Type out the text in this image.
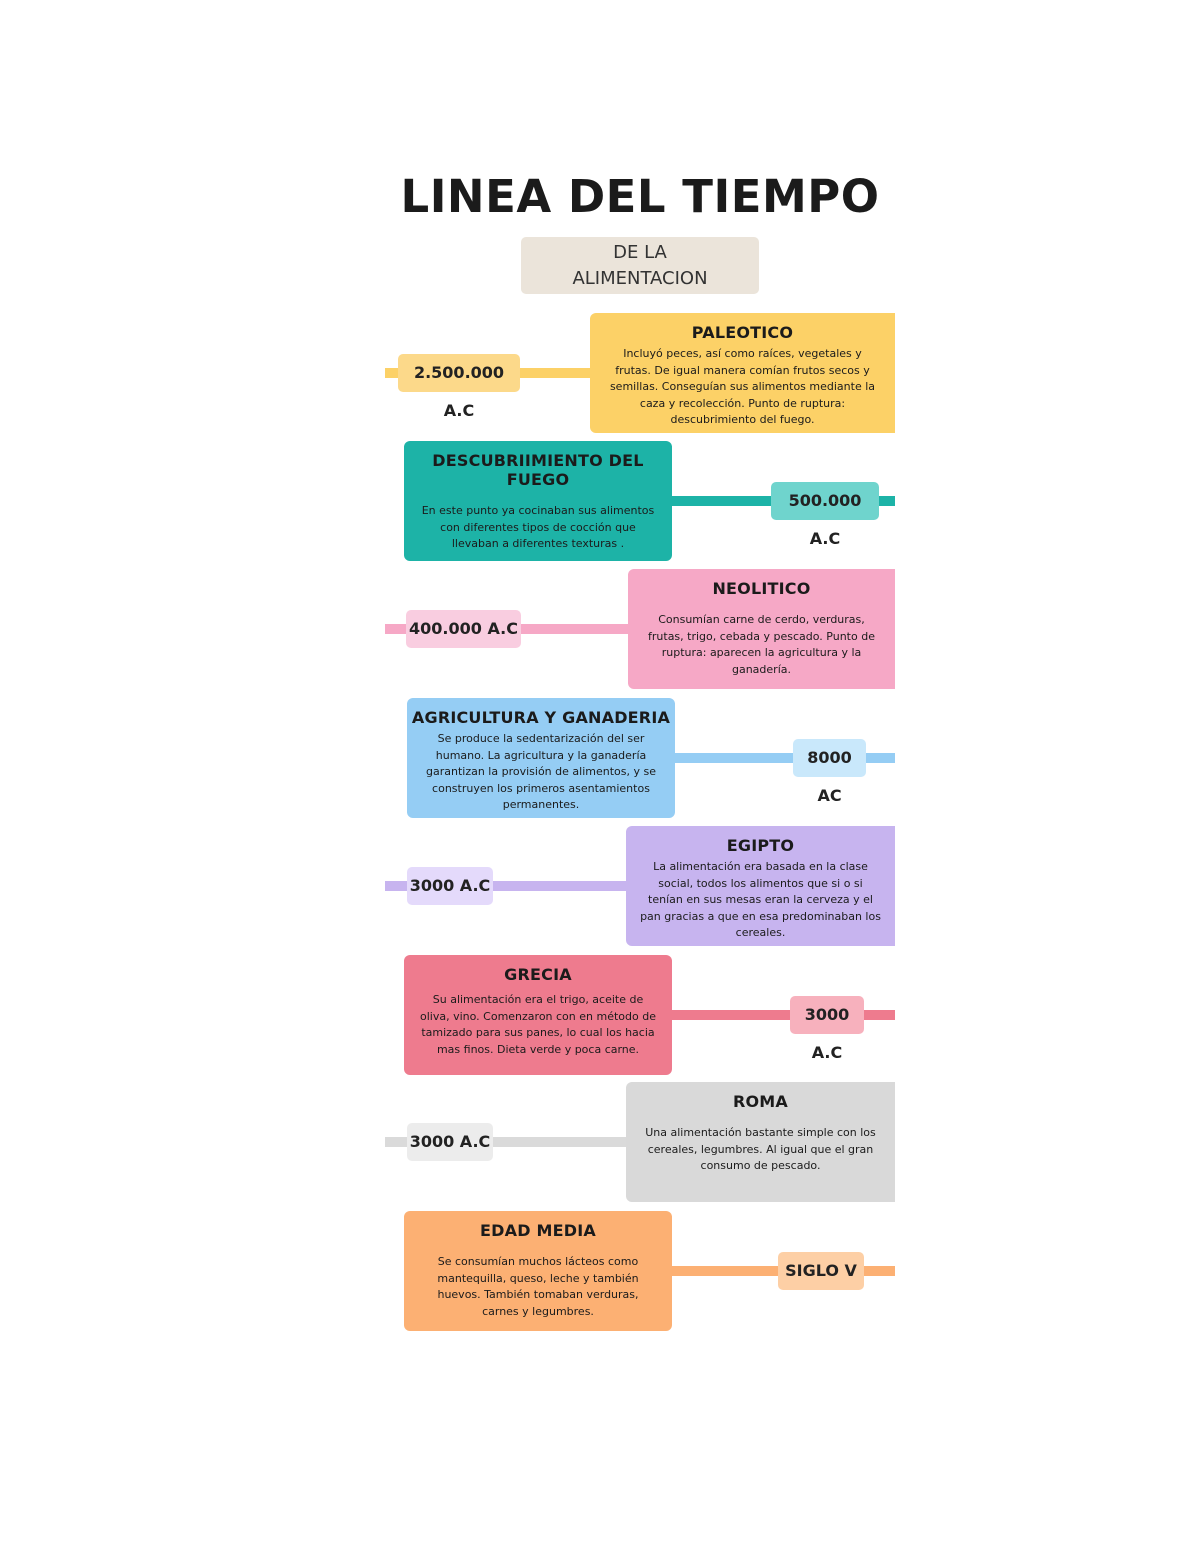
LINEA DEL TIEMPO
DE LA
ALIMENTACION
2.500.000 A.C
PALEOTICO
Incluyó peces, así como raíces, vegetales y frutas. De igual manera comían frutos secos y semillas. Conseguían sus alimentos mediante la caza y recolección. Punto de ruptura: descubrimiento del fuego.
500.000 A.C
DESCUBRIIMIENTO DEL FUEGO
En este punto ya cocinaban sus alimentos con diferentes tipos de cocción que llevaban a diferentes texturas .
400.000 A.C
NEOLITICO
Consumían carne de cerdo, verduras, frutas, trigo, cebada y pescado. Punto de ruptura: aparecen la agricultura y la ganadería.
8000 AC
AGRICULTURA Y GANADERIA
Se produce la sedentarización del ser humano. La agricultura y la ganadería garantizan la provisión de alimentos, y se construyen los primeros asentamientos permanentes.
3000 A.C
EGIPTO
La alimentación era basada en la clase social, todos los alimentos que si o si tenían en sus mesas eran la cerveza y el pan gracias a que en esa predominaban los cereales.
3000 A.C
GRECIA
Su alimentación era el trigo, aceite de oliva, vino. Comenzaron con en método de tamizado para sus panes, lo cual los hacia mas finos. Dieta verde y poca carne.
3000 A.C
ROMA
Una alimentación bastante simple con los cereales, legumbres. Al igual que el gran consumo de pescado.
SIGLO V
EDAD MEDIA
Se consumían muchos lácteos como mantequilla, queso, leche y también huevos. También tomaban verduras, carnes y legumbres.
